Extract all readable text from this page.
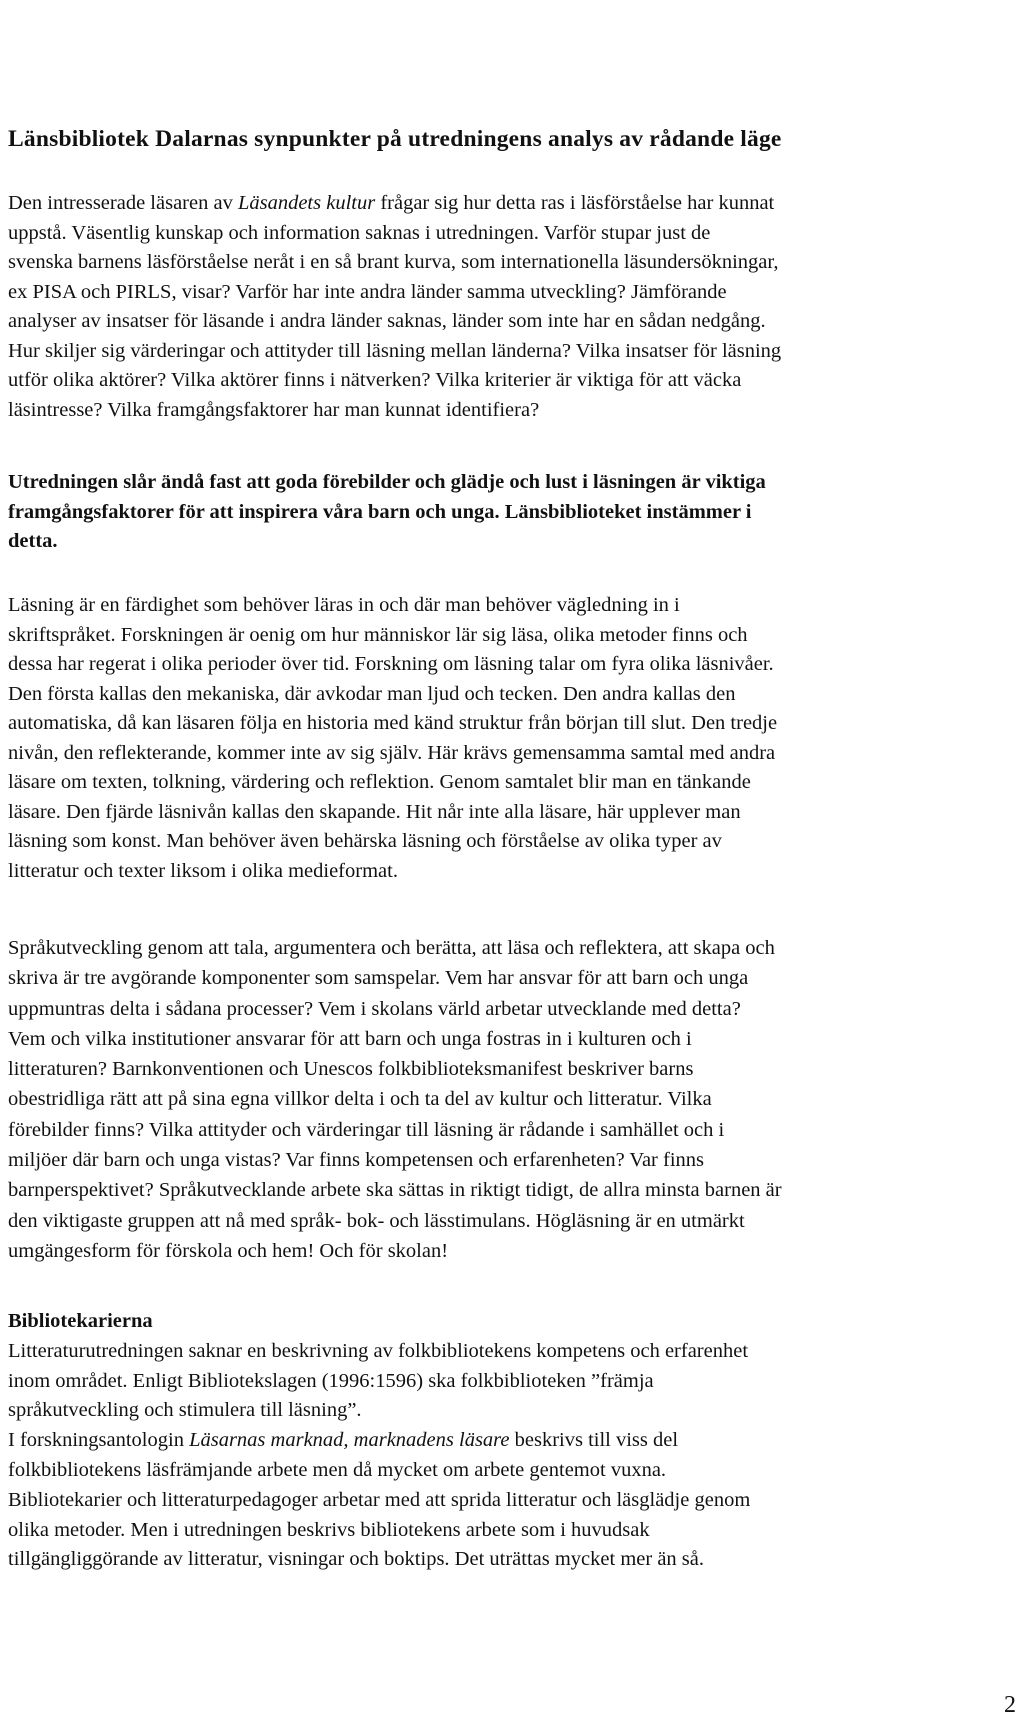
Länsbibliotek Dalarnas synpunkter på utredningens analys av rådande läge
Den intresserade läsaren av Läsandets kultur frågar sig hur detta ras i läsförståelse har kunnat
uppstå. Väsentlig kunskap och information saknas i utredningen. Varför stupar just de
svenska barnens läsförståelse neråt i en så brant kurva, som internationella läsundersökningar,
ex PISA och PIRLS, visar? Varför har inte andra länder samma utveckling? Jämförande
analyser av insatser för läsande i andra länder saknas, länder som inte har en sådan nedgång.
Hur skiljer sig värderingar och attityder till läsning mellan länderna? Vilka insatser för läsning
utför olika aktörer? Vilka aktörer finns i nätverken? Vilka kriterier är viktiga för att väcka
läsintresse? Vilka framgångsfaktorer har man kunnat identifiera?
Utredningen slår ändå fast att goda förebilder och glädje och lust i läsningen är viktiga
framgångsfaktorer för att inspirera våra barn och unga. Länsbiblioteket instämmer i
detta.
Läsning är en färdighet som behöver läras in och där man behöver vägledning in i
skriftspråket. Forskningen är oenig om hur människor lär sig läsa, olika metoder finns och
dessa har regerat i olika perioder över tid. Forskning om läsning talar om fyra olika läsnivåer.
Den första kallas den mekaniska, där avkodar man ljud och tecken. Den andra kallas den
automatiska, då kan läsaren följa en historia med känd struktur från början till slut. Den tredje
nivån, den reflekterande, kommer inte av sig själv. Här krävs gemensamma samtal med andra
läsare om texten, tolkning, värdering och reflektion. Genom samtalet blir man en tänkande
läsare. Den fjärde läsnivån kallas den skapande. Hit når inte alla läsare, här upplever man
läsning som konst. Man behöver även behärska läsning och förståelse av olika typer av
litteratur och texter liksom i olika medieformat.
Språkutveckling genom att tala, argumentera och berätta, att läsa och reflektera, att skapa och
skriva är tre avgörande komponenter som samspelar. Vem har ansvar för att barn och unga
uppmuntras delta i sådana processer? Vem i skolans värld arbetar utvecklande med detta?
Vem och vilka institutioner ansvarar för att barn och unga fostras in i kulturen och i
litteraturen? Barnkonventionen och Unescos folkbiblioteksmanifest beskriver barns
obestridliga rätt att på sina egna villkor delta i och ta del av kultur och litteratur. Vilka
förebilder finns? Vilka attityder och värderingar till läsning är rådande i samhället och i
miljöer där barn och unga vistas? Var finns kompetensen och erfarenheten? Var finns
barnperspektivet? Språkutvecklande arbete ska sättas in riktigt tidigt, de allra minsta barnen är
den viktigaste gruppen att nå med språk- bok- och lässtimulans. Högläsning är en utmärkt
umgängesform för förskola och hem! Och för skolan!
Bibliotekarierna
Litteraturutredningen saknar en beskrivning av folkbibliotekens kompetens och erfarenhet
inom området. Enligt Bibliotekslagen (1996:1596) ska folkbiblioteken ”främja
språkutveckling och stimulera till läsning”.
I forskningsantologin Läsarnas marknad, marknadens läsare beskrivs till viss del
folkbibliotekens läsfrämjande arbete men då mycket om arbete gentemot vuxna.
Bibliotekarier och litteraturpedagoger arbetar med att sprida litteratur och läsglädje genom
olika metoder. Men i utredningen beskrivs bibliotekens arbete som i huvudsak
tillgängliggörande av litteratur, visningar och boktips. Det uträttas mycket mer än så.
2
